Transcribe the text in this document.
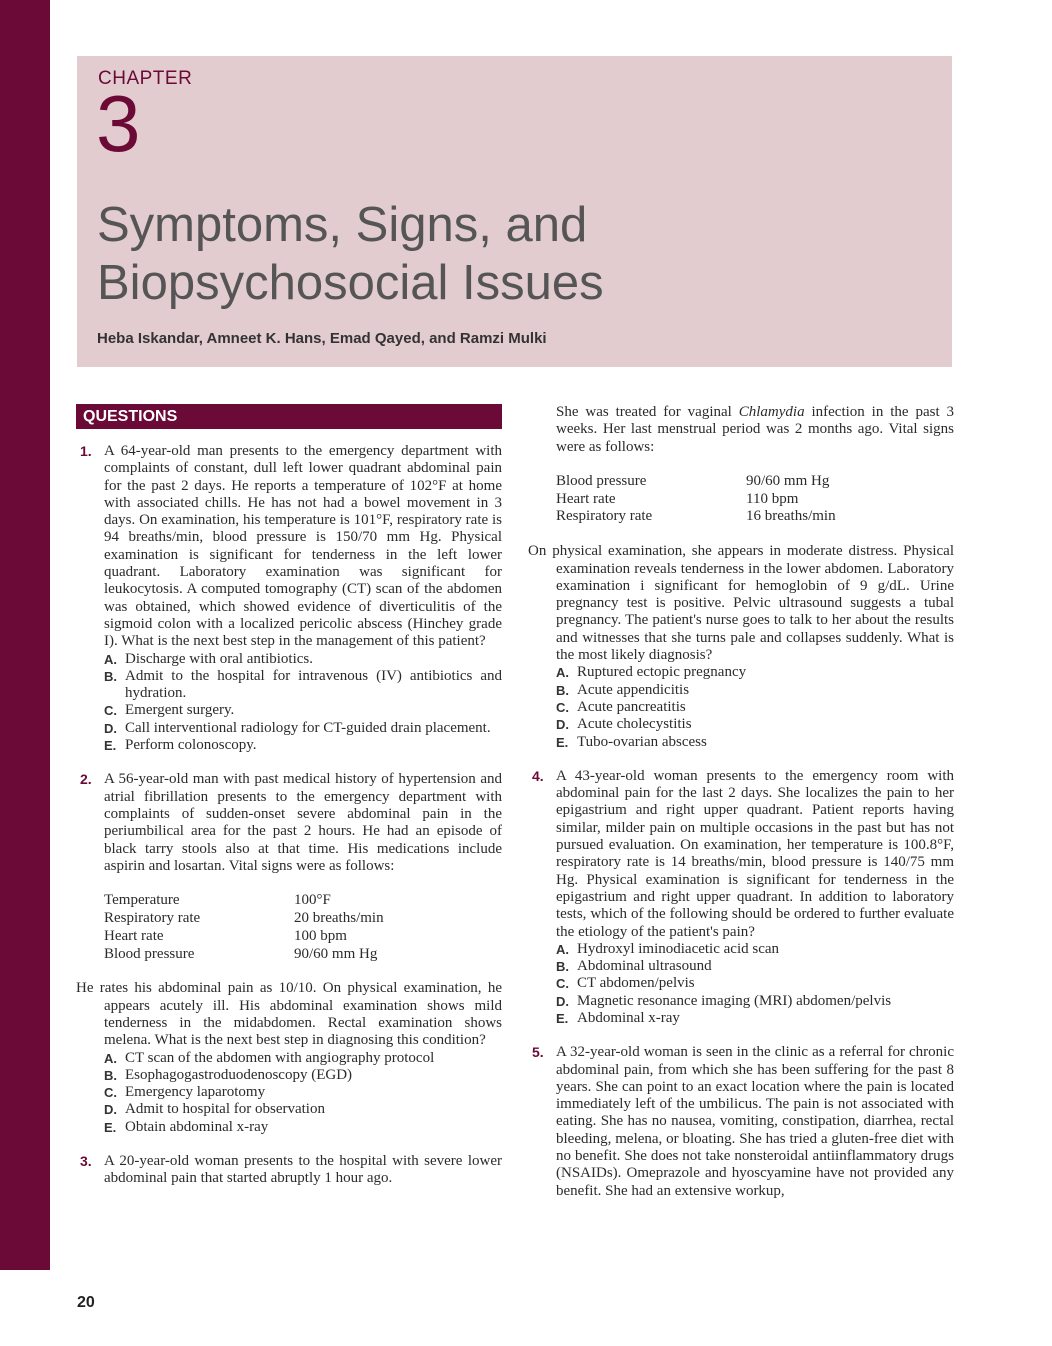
CHAPTER
3
Symptoms, Signs, and Biopsychosocial Issues
Heba Iskandar, Amneet K. Hans, Emad Qayed, and Ramzi Mulki
QUESTIONS
1. A 64-year-old man presents to the emergency department with complaints of constant, dull left lower quadrant abdominal pain for the past 2 days. He reports a temperature of 102°F at home with associated chills. He has not had a bowel movement in 3 days. On examination, his temperature is 101°F, respiratory rate is 94 breaths/min, blood pressure is 150/70 mm Hg. Physical examination is significant for tenderness in the left lower quadrant. Laboratory examination was significant for leukocytosis. A computed tomography (CT) scan of the abdomen was obtained, which showed evidence of diverticulitis of the sigmoid colon with a localized pericolic abscess (Hinchey grade I). What is the next best step in the management of this patient?
A. Discharge with oral antibiotics.
B. Admit to the hospital for intravenous (IV) antibiotics and hydration.
C. Emergent surgery.
D. Call interventional radiology for CT-guided drain placement.
E. Perform colonoscopy.
2. A 56-year-old man with past medical history of hypertension and atrial fibrillation presents to the emergency department with complaints of sudden-onset severe abdominal pain in the periumbilical area for the past 2 hours. He had an episode of black tarry stools also at that time. His medications include aspirin and losartan. Vital signs were as follows:
Temperature	100°F
Respiratory rate	20 breaths/min
Heart rate	100 bpm
Blood pressure	90/60 mm Hg
He rates his abdominal pain as 10/10. On physical examination, he appears acutely ill. His abdominal examination shows mild tenderness in the midabdomen. Rectal examination shows melena. What is the next best step in diagnosing this condition?
A. CT scan of the abdomen with angiography protocol
B. Esophagogastroduodenoscopy (EGD)
C. Emergency laparotomy
D. Admit to hospital for observation
E. Obtain abdominal x-ray
3. A 20-year-old woman presents to the hospital with severe lower abdominal pain that started abruptly 1 hour ago.
She was treated for vaginal Chlamydia infection in the past 3 weeks. Her last menstrual period was 2 months ago. Vital signs were as follows:
Blood pressure	90/60 mm Hg
Heart rate	110 bpm
Respiratory rate	16 breaths/min
On physical examination, she appears in moderate distress. Physical examination reveals tenderness in the lower abdomen. Laboratory examination i significant for hemoglobin of 9 g/dL. Urine pregnancy test is positive. Pelvic ultrasound suggests a tubal pregnancy. The patient's nurse goes to talk to her about the results and witnesses that she turns pale and collapses suddenly. What is the most likely diagnosis?
A. Ruptured ectopic pregnancy
B. Acute appendicitis
C. Acute pancreatitis
D. Acute cholecystitis
E. Tubo-ovarian abscess
4. A 43-year-old woman presents to the emergency room with abdominal pain for the last 2 days. She localizes the pain to her epigastrium and right upper quadrant. Patient reports having similar, milder pain on multiple occasions in the past but has not pursued evaluation. On examination, her temperature is 100.8°F, respiratory rate is 14 breaths/min, blood pressure is 140/75 mm Hg. Physical examination is significant for tenderness in the epigastrium and right upper quadrant. In addition to laboratory tests, which of the following should be ordered to further evaluate the etiology of the patient's pain?
A. Hydroxyl iminodiacetic acid scan
B. Abdominal ultrasound
C. CT abdomen/pelvis
D. Magnetic resonance imaging (MRI) abdomen/pelvis
E. Abdominal x-ray
5. A 32-year-old woman is seen in the clinic as a referral for chronic abdominal pain, from which she has been suffering for the past 8 years. She can point to an exact location where the pain is located immediately left of the umbilicus. The pain is not associated with eating. She has no nausea, vomiting, constipation, diarrhea, rectal bleeding, melena, or bloating. She has tried a gluten-free diet with no benefit. She does not take nonsteroidal antiinflammatory drugs (NSAIDs). Omeprazole and hyoscyamine have not provided any benefit. She had an extensive workup,
20
